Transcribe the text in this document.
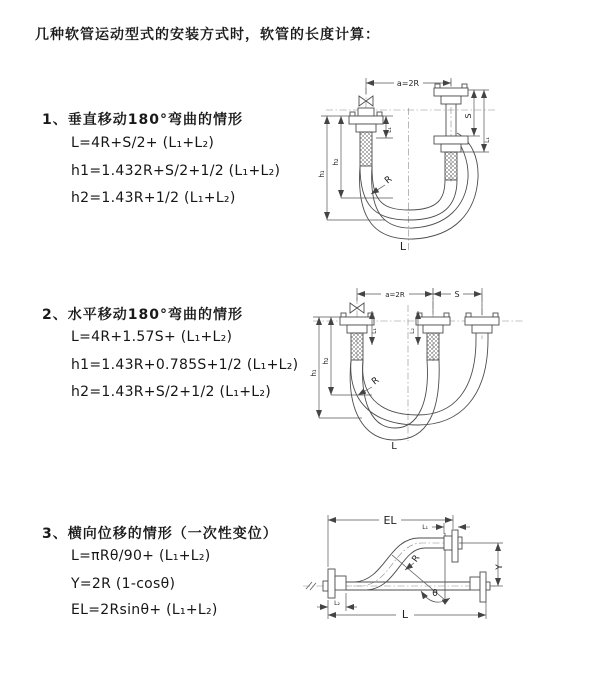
几种软管运动型式的安装方式时，软管的长度计算：
1、垂直移动180°弯曲的情形
L=4R+S/2+ (L₁+L₂)
h1=1.432R+S/2+1/2 (L₁+L₂)
h2=1.43R+1/2 (L₁+L₂)
2、水平移动180°弯曲的情形
L=4R+1.57S+ (L₁+L₂)
h1=1.43R+0.785S+1/2 (L₁+L₂)
h2=1.43R+S/2+1/2 (L₁+L₂)
3、横向位移的情形（一次性变位）
L=πRθ/90+ (L₁+L₂)
Y=2R (1-cosθ)
EL=2Rsinθ+ (L₁+L₂)
a=2R
L₁
S
L₁
h₁
h₂
R
L
a=2R	S
L₁	L₂
h₁
h₂
R
L
θ
EL
L₁
Y
R
L₂
L
